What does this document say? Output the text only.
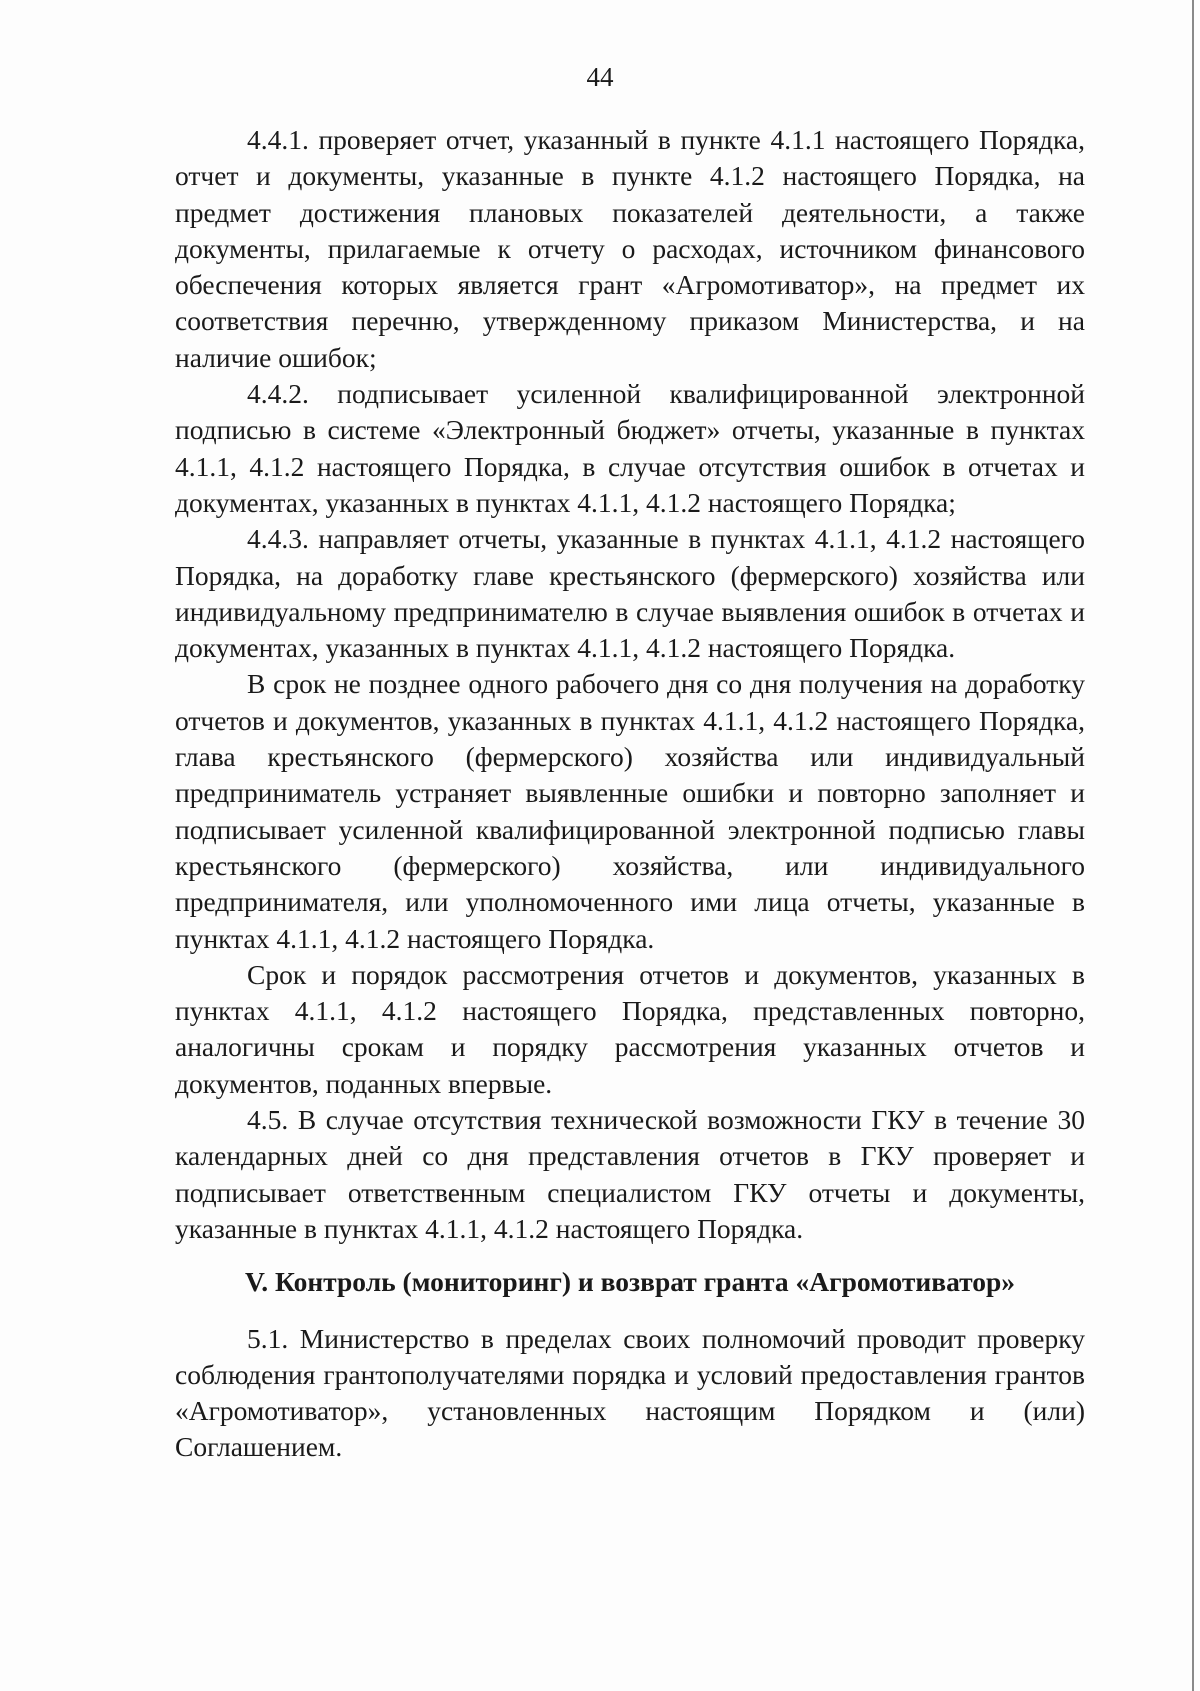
44

4.4.1. проверяет отчет, указанный в пункте 4.1.1 настоящего Порядка, отчет и документы, указанные в пункте 4.1.2 настоящего Порядка, на предмет достижения плановых показателей деятельности, а также документы, прилагаемые к отчету о расходах, источником финансового обеспечения которых является грант «Агромотиватор», на предмет их соответствия перечню, утвержденному приказом Министерства, и на наличие ошибок;

4.4.2. подписывает усиленной квалифицированной электронной подписью в системе «Электронный бюджет» отчеты, указанные в пунктах 4.1.1, 4.1.2 настоящего Порядка, в случае отсутствия ошибок в отчетах и документах, указанных в пунктах 4.1.1, 4.1.2 настоящего Порядка;

4.4.3. направляет отчеты, указанные в пунктах 4.1.1, 4.1.2 настоящего Порядка, на доработку главе крестьянского (фермерского) хозяйства или индивидуальному предпринимателю в случае выявления ошибок в отчетах и документах, указанных в пунктах 4.1.1, 4.1.2 настоящего Порядка.

В срок не позднее одного рабочего дня со дня получения на доработку отчетов и документов, указанных в пунктах 4.1.1, 4.1.2 настоящего Порядка, глава крестьянского (фермерского) хозяйства или индивидуальный предприниматель устраняет выявленные ошибки и повторно заполняет и подписывает усиленной квалифицированной электронной подписью главы крестьянского (фермерского) хозяйства, или индивидуального предпринимателя, или уполномоченного ими лица отчеты, указанные в пунктах 4.1.1, 4.1.2 настоящего Порядка.

Срок и порядок рассмотрения отчетов и документов, указанных в пунктах 4.1.1, 4.1.2 настоящего Порядка, представленных повторно, аналогичны срокам и порядку рассмотрения указанных отчетов и документов, поданных впервые.

4.5. В случае отсутствия технической возможности ГКУ в течение 30 календарных дней со дня представления отчетов в ГКУ проверяет и подписывает ответственным специалистом ГКУ отчеты и документы, указанные в пунктах 4.1.1, 4.1.2 настоящего Порядка.

V. Контроль (мониторинг) и возврат гранта «Агромотиватор»

5.1. Министерство в пределах своих полномочий проводит проверку соблюдения грантополучателями порядка и условий предоставления грантов «Агромотиватор», установленных настоящим Порядком и (или) Соглашением.
